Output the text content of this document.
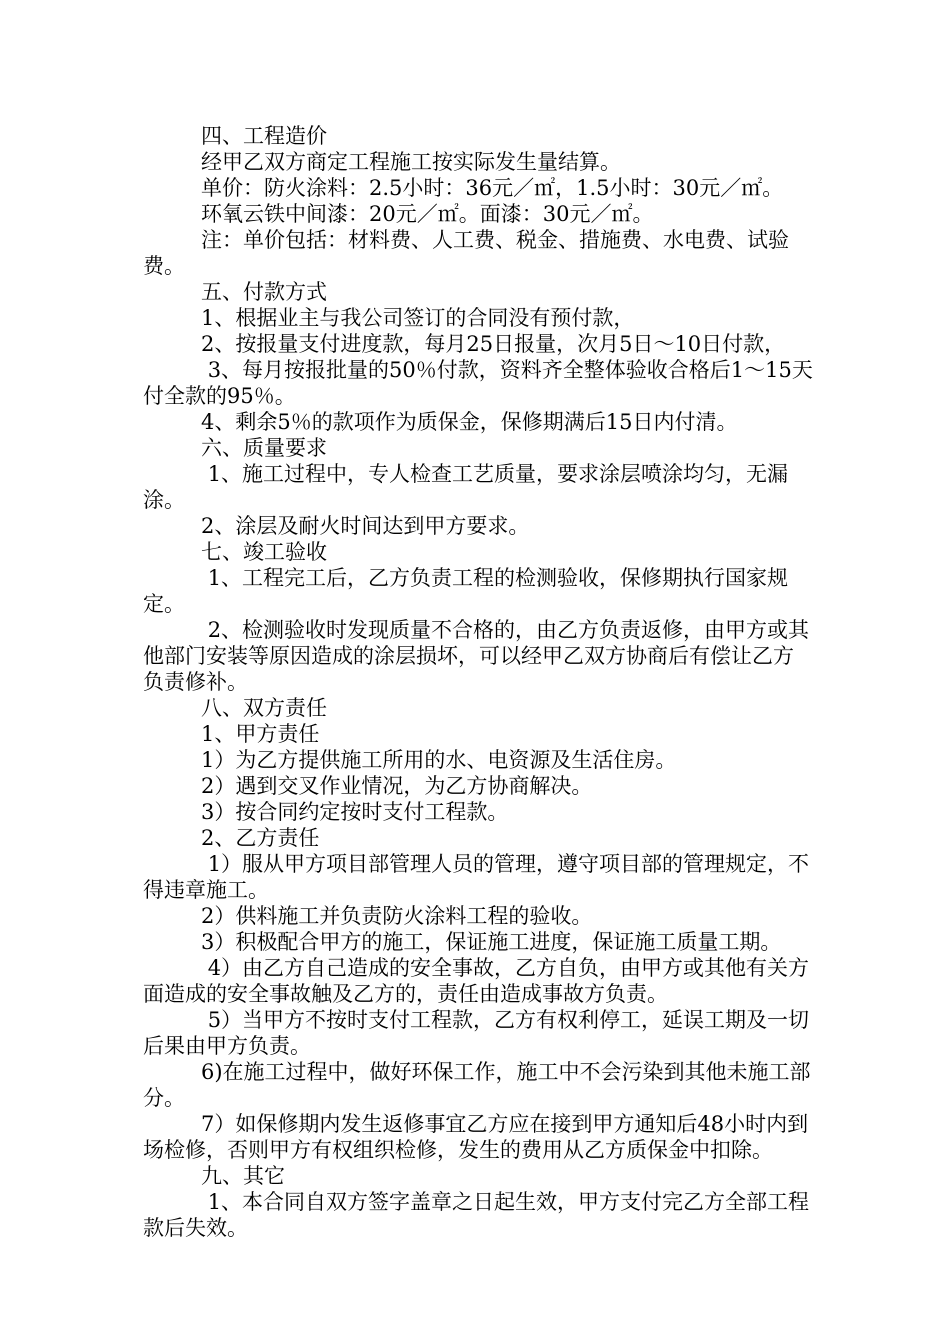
四、工程造价

经甲乙双方商定工程施工按实际发生量结算。

单价：防火涂料：2.5小时：36元／㎡，1.5小时：30元／㎡。

环氧云铁中间漆：20元／㎡。面漆：30元／㎡。

注：单价包括：材料费、人工费、税金、措施费、水电费、试验费。

五、付款方式

1、根据业主与我公司签订的合同没有预付款，

2、按报量支付进度款，每月25日报量，次月5日～10日付款，

3、每月按报批量的50％付款，资料齐全整体验收合格后1～15天付全款的95％。

4、剩余5％的款项作为质保金，保修期满后15日内付清。

六、质量要求

1、施工过程中，专人检查工艺质量，要求涂层喷涂均匀，无漏涂。

2、涂层及耐火时间达到甲方要求。

七、竣工验收

1、工程完工后，乙方负责工程的检测验收，保修期执行国家规定。

2、检测验收时发现质量不合格的，由乙方负责返修，由甲方或其他部门安装等原因造成的涂层损坏，可以经甲乙双方协商后有偿让乙方负责修补。

八、双方责任

1、甲方责任

1）为乙方提供施工所用的水、电资源及生活住房。

2）遇到交叉作业情况，为乙方协商解决。

3）按合同约定按时支付工程款。

2、乙方责任

1）服从甲方项目部管理人员的管理，遵守项目部的管理规定，不得违章施工。

2）供料施工并负责防火涂料工程的验收。

3）积极配合甲方的施工，保证施工进度，保证施工质量工期。

4）由乙方自己造成的安全事故，乙方自负，由甲方或其他有关方面造成的安全事故触及乙方的，责任由造成事故方负责。

5）当甲方不按时支付工程款，乙方有权利停工，延误工期及一切后果由甲方负责。

6)在施工过程中，做好环保工作，施工中不会污染到其他未施工部分。

7）如保修期内发生返修事宜乙方应在接到甲方通知后48小时内到场检修，否则甲方有权组织检修，发生的费用从乙方质保金中扣除。

九、其它

1、本合同自双方签字盖章之日起生效，甲方支付完乙方全部工程款后失效。
